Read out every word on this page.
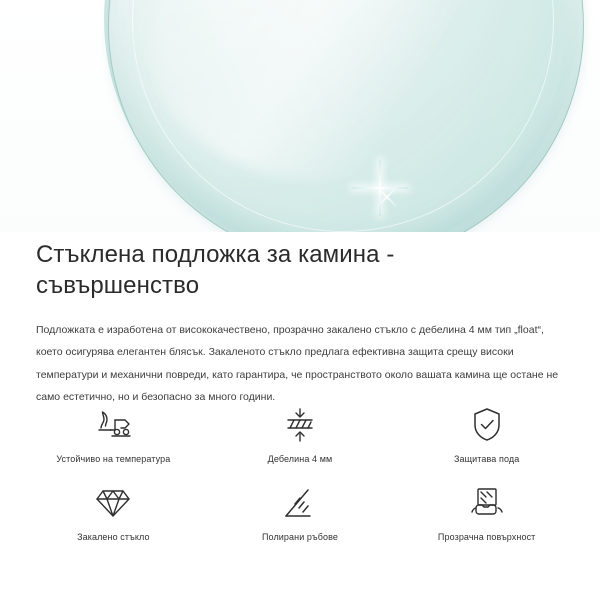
Стъклена подложка за камина - съвършенство

Подложката е изработена от висококачествено, прозрачно закалено стъкло с дебелина 4 мм тип „float“, което осигурява елегантен блясък. Закаленото стъкло предлага ефективна защита срещу високи температури и механични повреди, като гарантира, че пространството около вашата камина ще остане не само естетично, но и безопасно за много години.

Устойчиво на температура	Дебелина 4 мм	Защитава пода
Закалено стъкло	Полирани ръбове	Прозрачна повърхност
